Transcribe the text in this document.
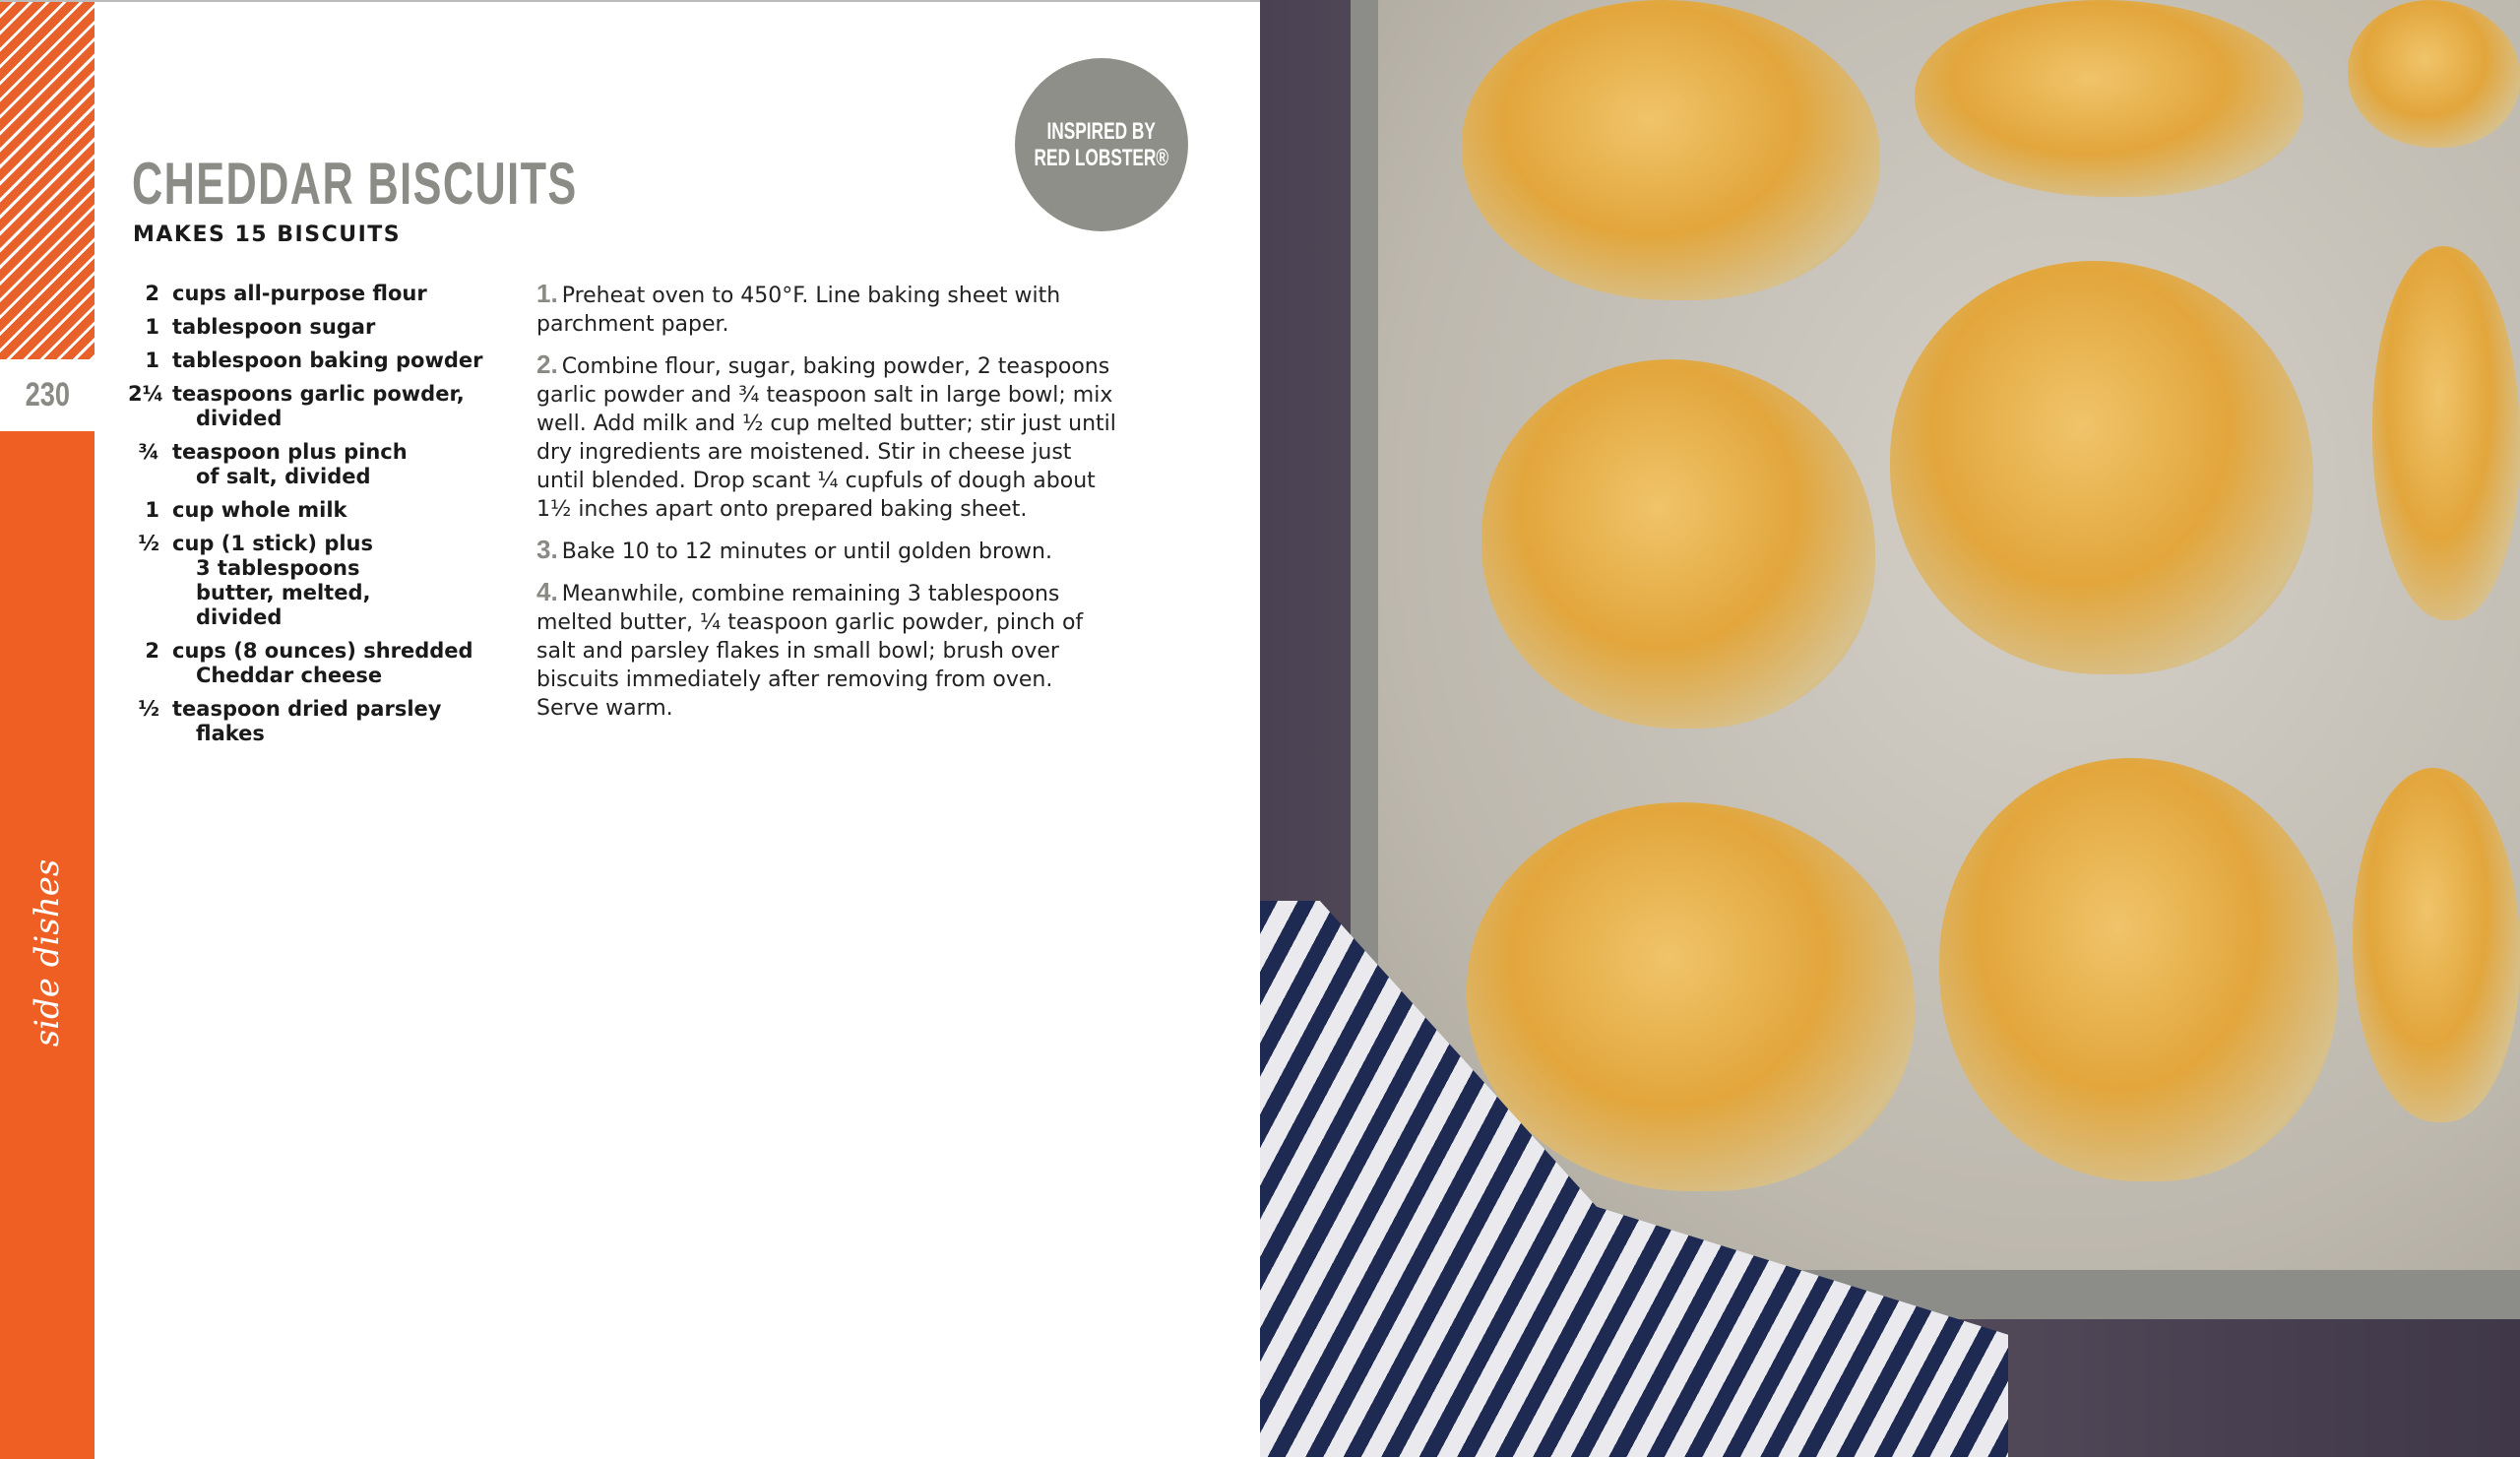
230
side dishes
CHEDDAR BISCUITS
MAKES 15 BISCUITS
INSPIRED BY
RED LOBSTER®
2 cups all-purpose flour
1 tablespoon sugar
1 tablespoon baking powder
2¼ teaspoons garlic powder,
divided
¾ teaspoon plus pinch
of salt, divided
1 cup whole milk
½ cup (1 stick) plus
3 tablespoons butter, melted, divided
2 cups (8 ounces) shredded
Cheddar cheese
½ teaspoon dried parsley
flakes

1. Preheat oven to 450°F. Line baking sheet with parchment paper.

2. Combine flour, sugar, baking powder, 2 teaspoons garlic powder and ¾ teaspoon salt in large bowl; mix well. Add milk and ½ cup melted butter; stir just until dry ingredients are moistened. Stir in cheese just until blended. Drop scant ¼ cupfuls of dough about 1½ inches apart onto prepared baking sheet.

3. Bake 10 to 12 minutes or until golden brown.

4. Meanwhile, combine remaining 3 tablespoons melted butter, ¼ teaspoon garlic powder, pinch of salt and parsley flakes in small bowl; brush over biscuits immediately after removing from oven. Serve warm.
